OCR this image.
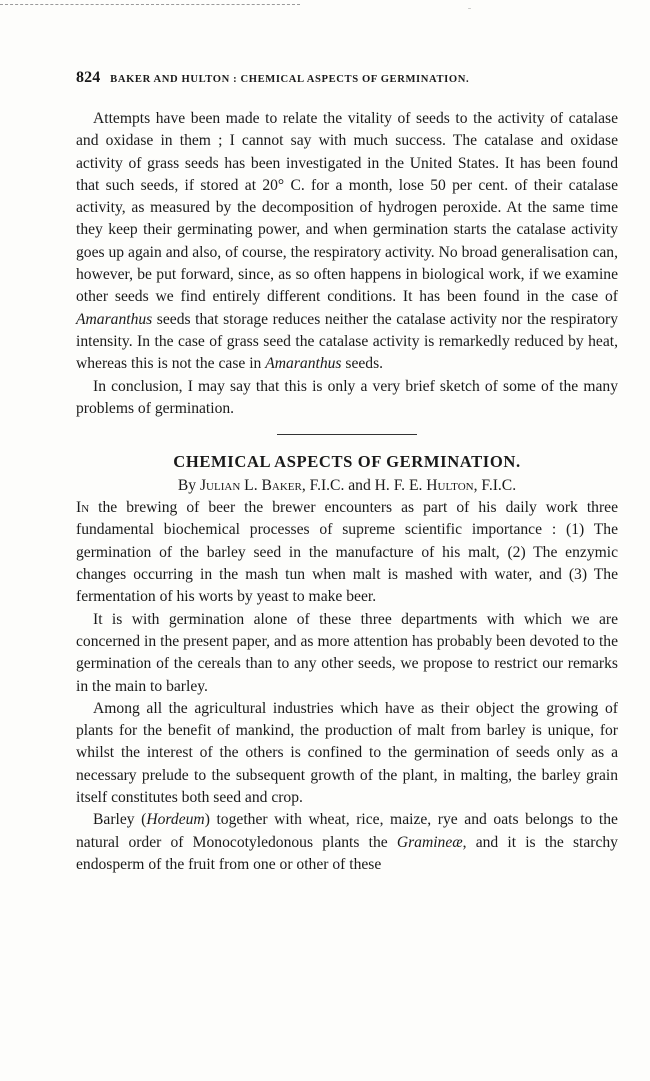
ˉ
824 BAKER AND HULTON : CHEMICAL ASPECTS OF GERMINATION.

Attempts have been made to relate the vitality of seeds to the activity of catalase and oxidase in them ; I cannot say with much success. The catalase and oxidase activity of grass seeds has been investigated in the United States. It has been found that such seeds, if stored at 20° C. for a month, lose 50 per cent. of their catalase activity, as measured by the decomposition of hydrogen peroxide. At the same time they keep their germinating power, and when germination starts the catalase activity goes up again and also, of course, the respiratory activity. No broad generalisation can, however, be put forward, since, as so often happens in biological work, if we examine other seeds we find entirely different conditions. It has been found in the case of Amaranthus seeds that storage reduces neither the catalase activity nor the respiratory intensity. In the case of grass seed the catalase activity is remarkedly reduced by heat, whereas this is not the case in Amaranthus seeds.

In conclusion, I may say that this is only a very brief sketch of some of the many problems of germination.

CHEMICAL ASPECTS OF GERMINATION.

By Julian L. Baker, F.I.C. and H. F. E. Hulton, F.I.C.

In the brewing of beer the brewer encounters as part of his daily work three fundamental biochemical processes of supreme scientific importance : (1) The germination of the barley seed in the manufacture of his malt, (2) The enzymic changes occurring in the mash tun when malt is mashed with water, and (3) The fermentation of his worts by yeast to make beer.

It is with germination alone of these three departments with which we are concerned in the present paper, and as more attention has probably been devoted to the germination of the cereals than to any other seeds, we propose to restrict our remarks in the main to barley.

Among all the agricultural industries which have as their object the growing of plants for the benefit of mankind, the production of malt from barley is unique, for whilst the interest of the others is confined to the germination of seeds only as a necessary prelude to the subsequent growth of the plant, in malting, the barley grain itself constitutes both seed and crop.

Barley (Hordeum) together with wheat, rice, maize, rye and oats belongs to the natural order of Monocotyledonous plants the Gramineæ, and it is the starchy endosperm of the fruit from one or other of these
